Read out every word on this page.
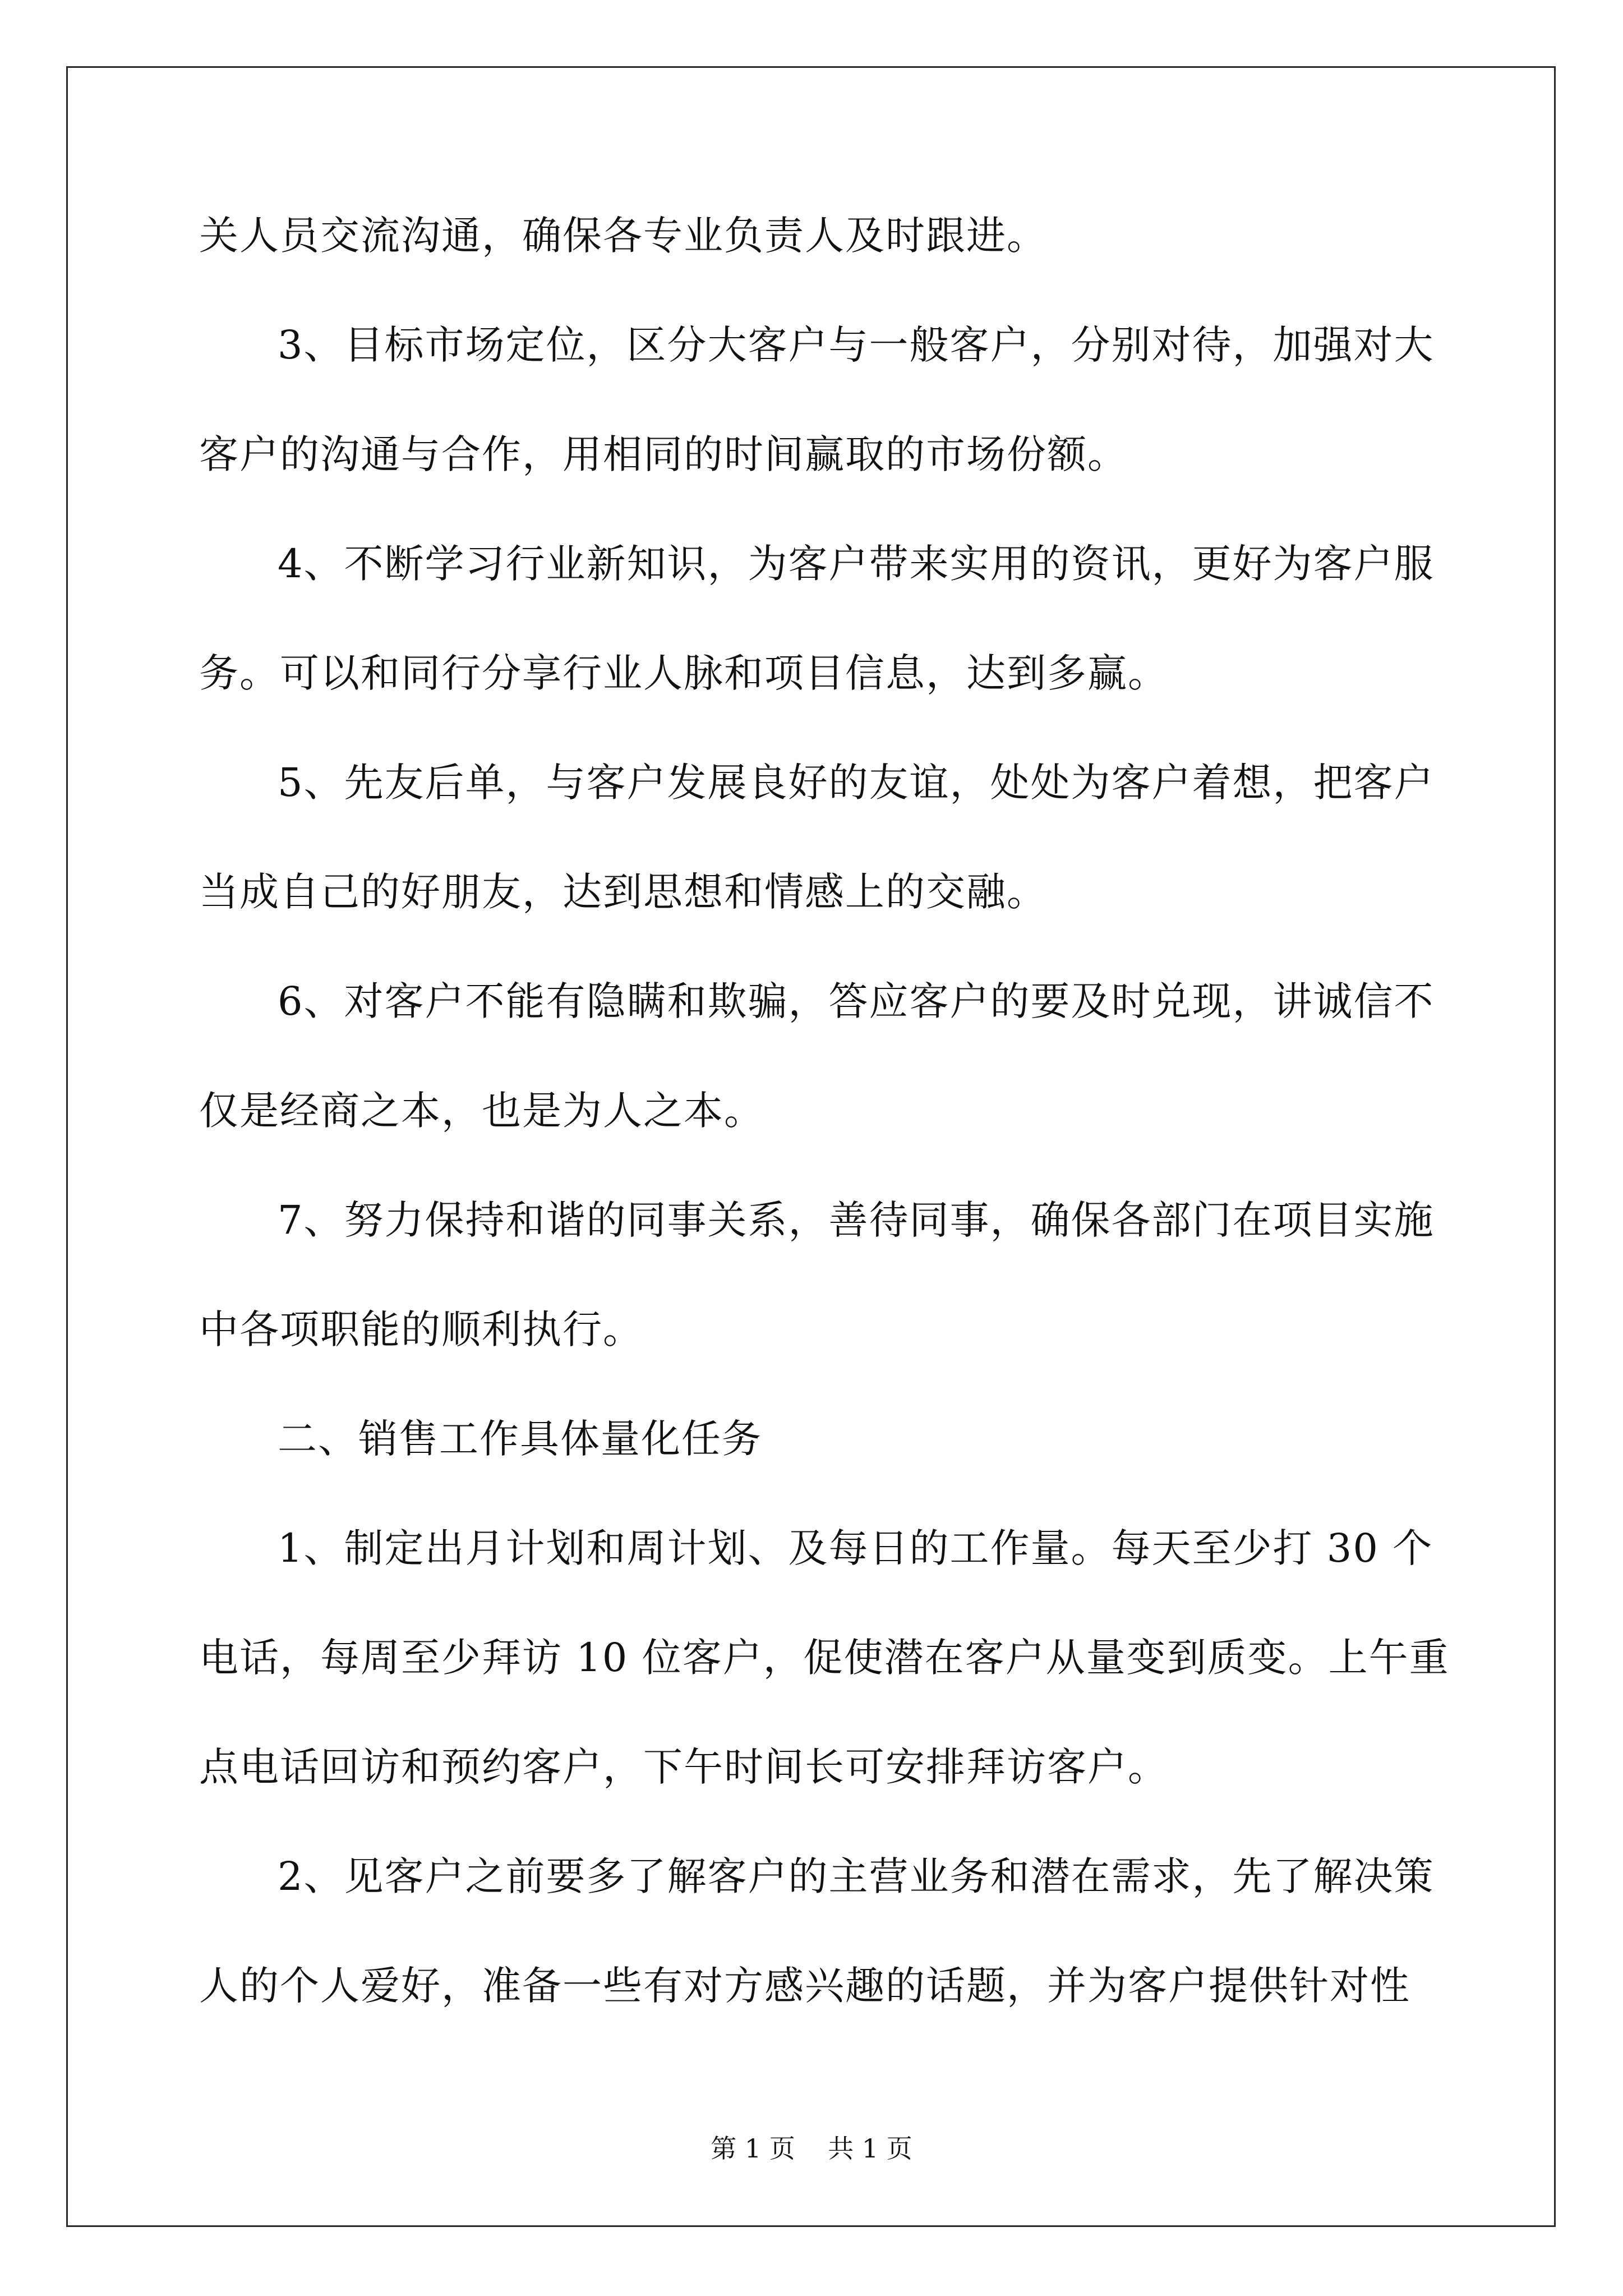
关人员交流沟通，确保各专业负责人及时跟进。
3、目标市场定位，区分大客户与一般客户，分别对待，加强对大
客户的沟通与合作，用相同的时间赢取的市场份额。
4、不断学习行业新知识，为客户带来实用的资讯，更好为客户服
务。可以和同行分享行业人脉和项目信息，达到多赢。
5、先友后单，与客户发展良好的友谊，处处为客户着想，把客户
当成自己的好朋友，达到思想和情感上的交融。
6、对客户不能有隐瞒和欺骗，答应客户的要及时兑现，讲诚信不
仅是经商之本，也是为人之本。
7、努力保持和谐的同事关系，善待同事，确保各部门在项目实施
中各项职能的顺利执行。
二、销售工作具体量化任务
1、制定出月计划和周计划、及每日的工作量。每天至少打 30 个
电话，每周至少拜访 10 位客户，促使潜在客户从量变到质变。上午重
点电话回访和预约客户，下午时间长可安排拜访客户。
2、见客户之前要多了解客户的主营业务和潜在需求，先了解决策
人的个人爱好，准备一些有对方感兴趣的话题，并为客户提供针对性
第 1 页    共 1 页
